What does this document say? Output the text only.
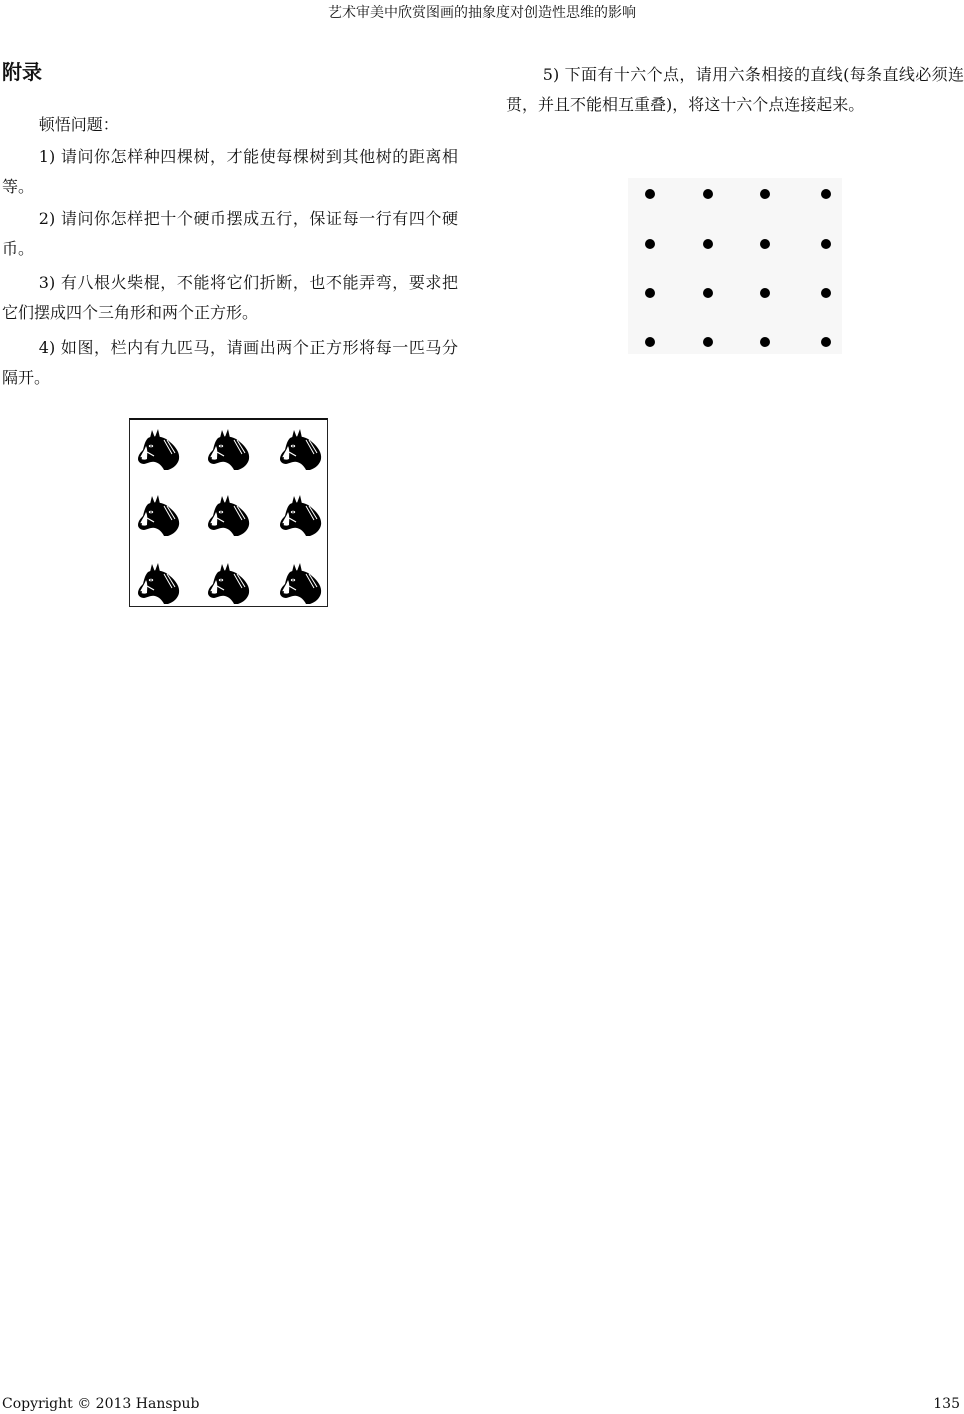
艺术审美中欣赏图画的抽象度对创造性思维的影响
附录

顿悟问题：

1) 请问你怎样种四棵树，才能使每棵树到其他树的距离相等。

2) 请问你怎样把十个硬币摆成五行，保证每一行有四个硬币。

3) 有八根火柴棍，不能将它们折断，也不能弄弯，要求把它们摆成四个三角形和两个正方形。

4) 如图，栏内有九匹马，请画出两个正方形将每一匹马分隔开。

5) 下面有十六个点，请用六条相接的直线(每条直线必须连贯，并且不能相互重叠)，将这十六个点连接起来。

Copyright © 2013 Hanspub	135
